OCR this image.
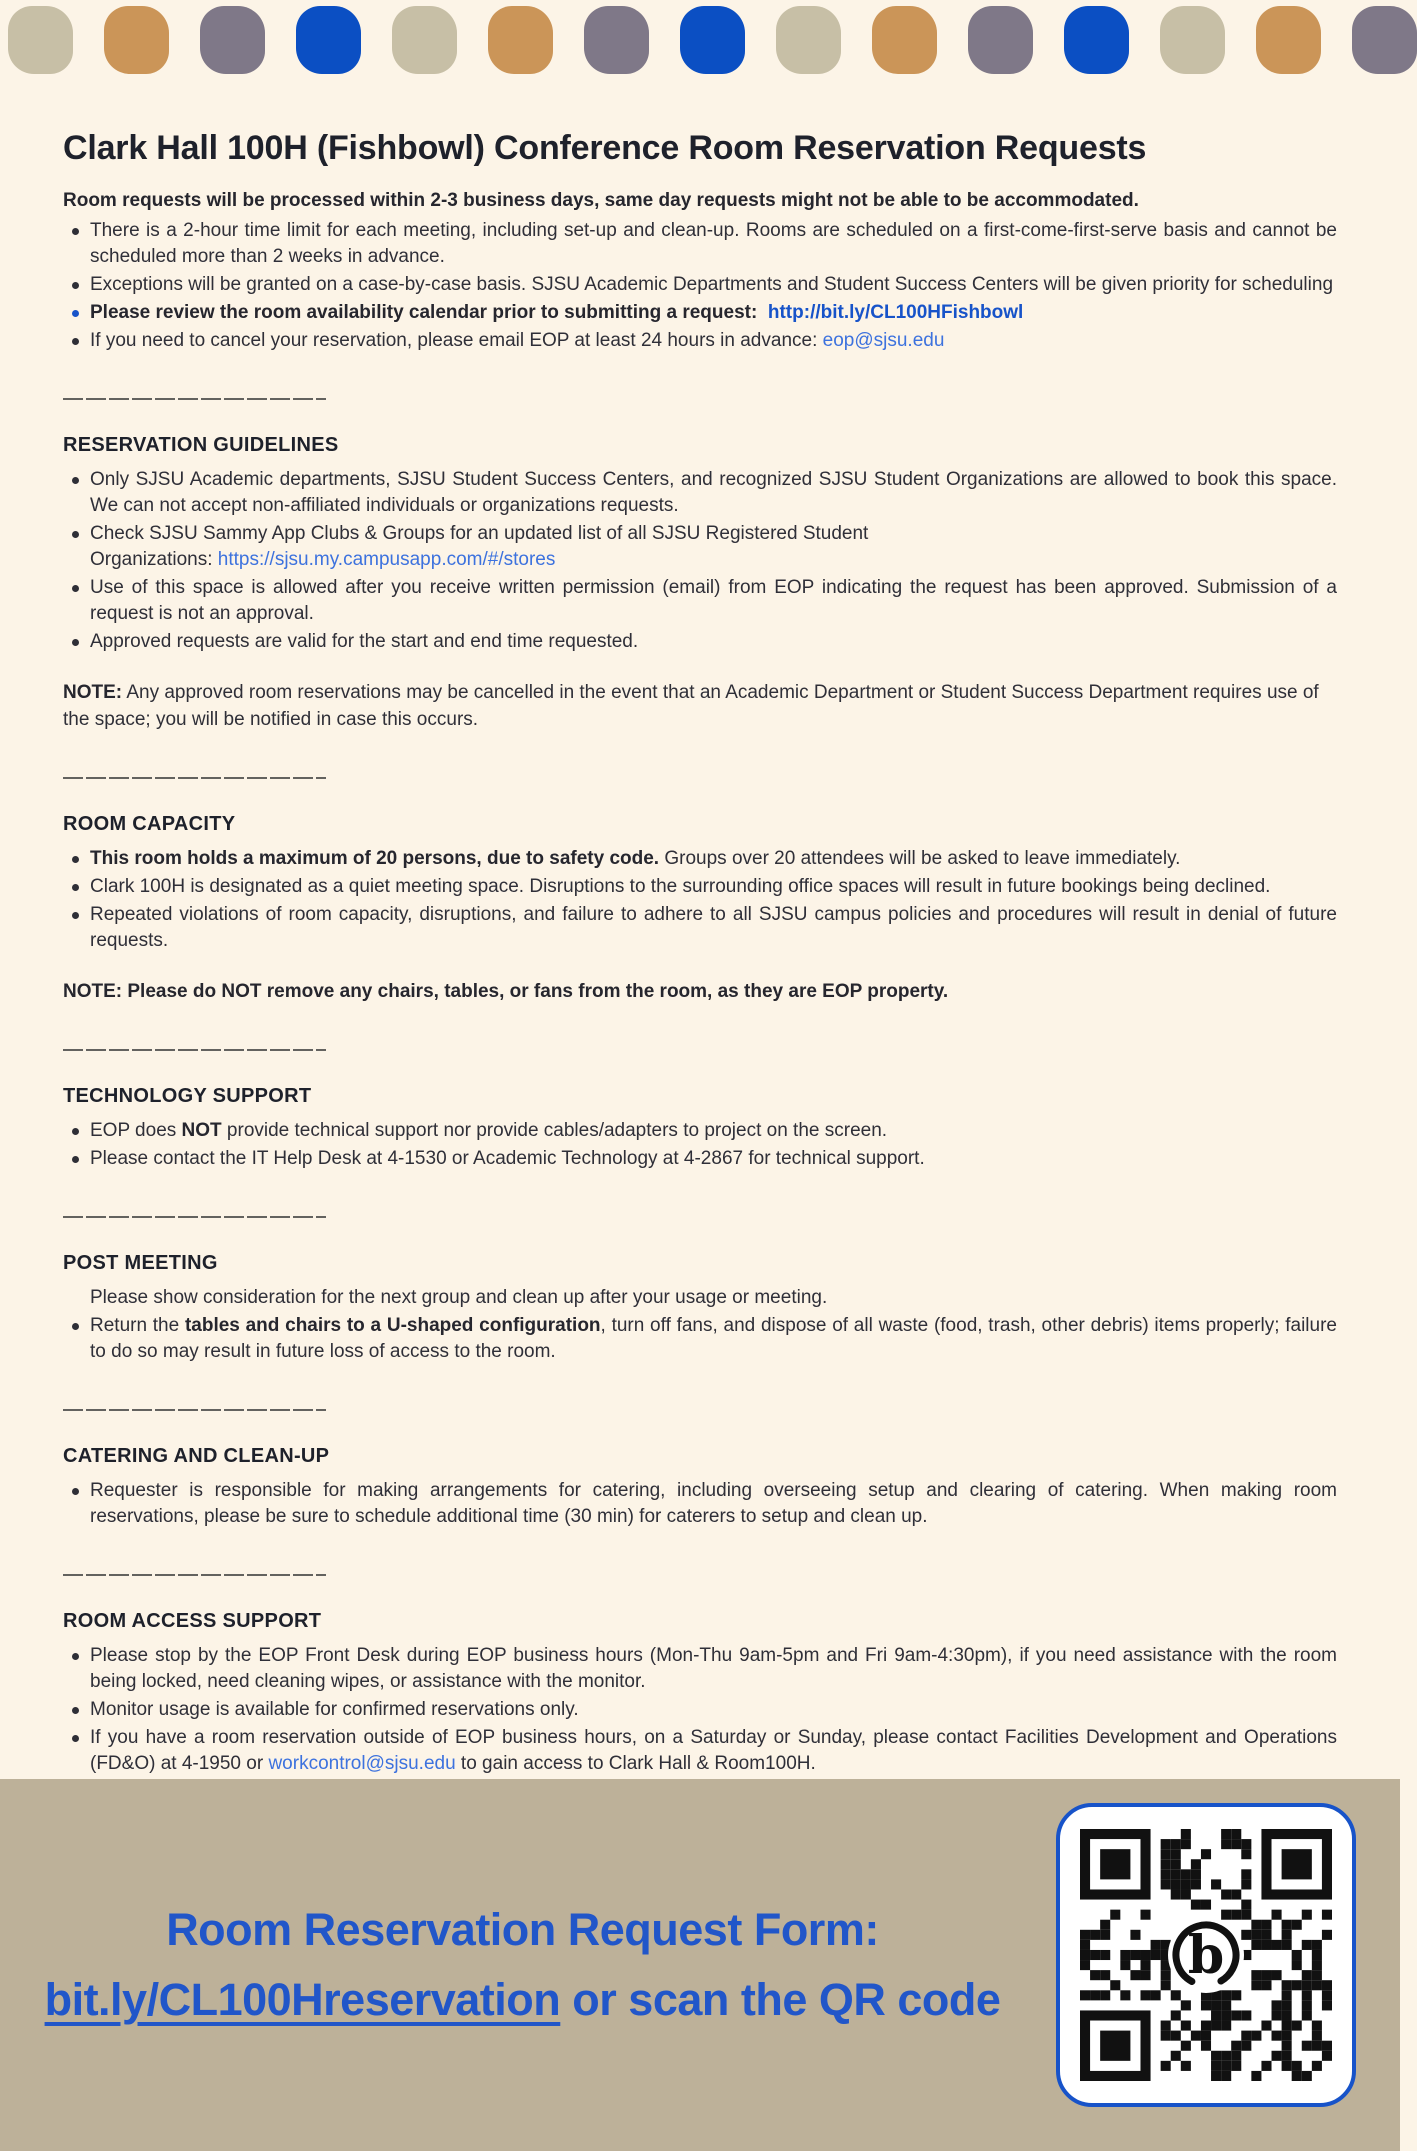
Clark Hall 100H (Fishbowl) Conference Room Reservation Requests

Room requests will be processed within 2-3 business days, same day requests might not be able to be accommodated.

There is a 2-hour time limit for each meeting, including set-up and clean-up. Rooms are scheduled on a first-come-first-serve basis and cannot be scheduled more than 2 weeks in advance.
Exceptions will be granted on a case-by-case basis. SJSU Academic Departments and Student Success Centers will be given priority for scheduling
Please review the room availability calendar prior to submitting a request:  http://bit.ly/CL100HFishbowl
If you need to cancel your reservation, please email EOP at least 24 hours in advance: eop@sjsu.edu
RESERVATION GUIDELINES
Only SJSU Academic departments, SJSU Student Success Centers, and recognized SJSU Student Organizations are allowed to book this space. We can not accept non-affiliated individuals or organizations requests.
Check SJSU Sammy App Clubs & Groups for an updated list of all SJSU Registered Student
Organizations: https://sjsu.my.campusapp.com/#/stores
Use of this space is allowed after you receive written permission (email) from EOP indicating the request has been approved. Submission of a request is not an approval.
Approved requests are valid for the start and end time requested.

NOTE: Any approved room reservations may be cancelled in the event that an Academic Department or Student Success Department requires use of the space; you will be notified in case this occurs.

ROOM CAPACITY
This room holds a maximum of 20 persons, due to safety code. Groups over 20 attendees will be asked to leave immediately.
Clark 100H is designated as a quiet meeting space. Disruptions to the surrounding office spaces will result in future bookings being declined.
Repeated violations of room capacity, disruptions, and failure to adhere to all SJSU campus policies and procedures will result in denial of future requests.

NOTE: Please do NOT remove any chairs, tables, or fans from the room, as they are EOP property.

TECHNOLOGY SUPPORT
EOP does NOT provide technical support nor provide cables/adapters to project on the screen.
Please contact the IT Help Desk at 4-1530 or Academic Technology at 4-2867 for technical support.
POST MEETING
Please show consideration for the next group and clean up after your usage or meeting.
Return the tables and chairs to a U-shaped configuration, turn off fans, and dispose of all waste (food, trash, other debris) items properly; failure to do so may result in future loss of access to the room.
CATERING AND CLEAN-UP
Requester is responsible for making arrangements for catering, including overseeing setup and clearing of catering. When making room reservations, please be sure to schedule additional time (30 min) for caterers to setup and clean up.
ROOM ACCESS SUPPORT
Please stop by the EOP Front Desk during EOP business hours (Mon-Thu 9am-5pm and Fri 9am-4:30pm), if you need assistance with the room being locked, need cleaning wipes, or assistance with the monitor.
Monitor usage is available for confirmed reservations only.
If you have a room reservation outside of EOP business hours, on a Saturday or Sunday, please contact Facilities Development and Operations (FD&O) at 4-1950 or workcontrol@sjsu.edu to gain access to Clark Hall & Room100H.
Room Reservation Request Form:
bit.ly/CL100Hreservation or scan the QR code
b
